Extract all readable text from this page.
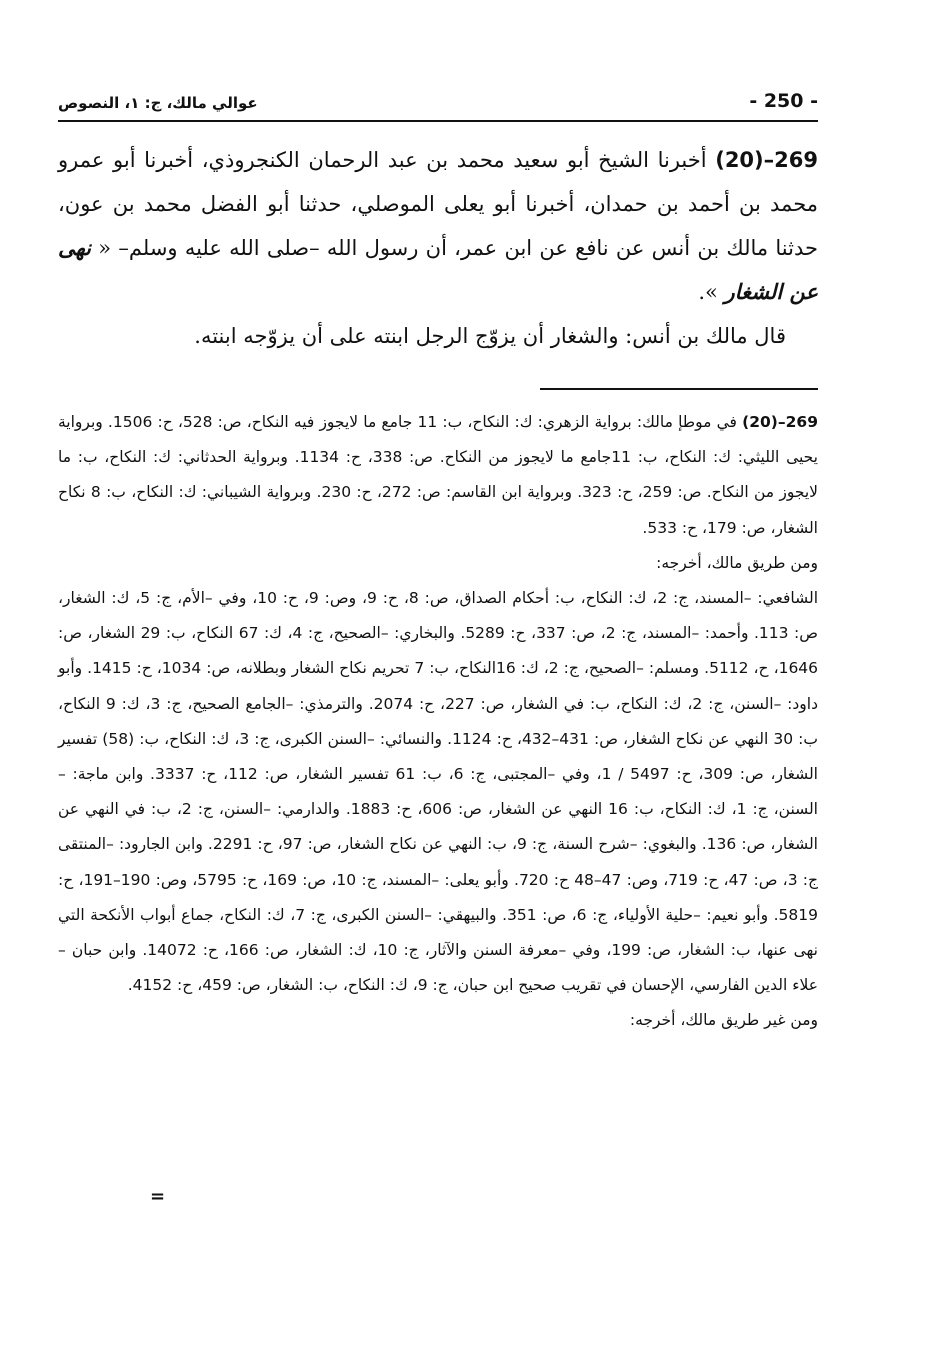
عوالي مالك، ج: ١، النصوص	- 250 -

269–(20) أخبرنا الشيخ أبو سعيد محمد بن عبد الرحمان الكنجروذي، أخبرنا أبو عمرو محمد بن أحمد بن حمدان، أخبرنا أبو يعلى الموصلي، حدثنا أبو الفضل محمد بن عون، حدثنا مالك بن أنس عن نافع عن ابن عمر، أن رسول الله –صلى الله عليه وسلم– « نهى عن الشغار ».

قال مالك بن أنس: والشغار أن يزوّج الرجل ابنته على أن يزوّجه ابنته.

269–(20) في موطإ مالك: برواية الزهري: ك: النكاح، ب: 11 جامع ما لايجوز فيه النكاح، ص: 528، ح: 1506. وبرواية يحيى الليثي: ك: النكاح، ب: 11جامع ما لايجوز من النكاح. ص: 338، ح: 1134. وبرواية الحدثاني: ك: النكاح، ب: ما لايجوز من النكاح. ص: 259، ح: 323. وبرواية ابن القاسم: ص: 272، ح: 230. وبرواية الشيباني: ك: النكاح، ب: 8 نكاح الشغار، ص: 179، ح: 533.

ومن طريق مالك، أخرجه:

الشافعي: –المسند، ج: 2، ك: النكاح، ب: أحكام الصداق، ص: 8، ح: 9، وص: 9، ح: 10، وفي –الأم، ج: 5، ك: الشغار، ص: 113. وأحمد: –المسند، ج: 2، ص: 337، ح: 5289. والبخاري: –الصحيح، ج: 4، ك: 67 النكاح، ب: 29 الشغار، ص: 1646، ح، 5112. ومسلم: –الصحيح، ج: 2، ك: 16النكاح، ب: 7 تحريم نكاح الشغار وبطلانه، ص: 1034، ح: 1415. وأبو داود: –السنن، ج: 2، ك: النكاح، ب: في الشغار، ص: 227، ح: 2074. والترمذي: –الجامع الصحيح، ج: 3، ك: 9 النكاح، ب: 30 النهي عن نكاح الشغار، ص: 431–432، ح: 1124. والنسائي: –السنن الكبرى، ج: 3، ك: النكاح، ب: (58) تفسير الشغار، ص: 309، ح: 5497 / 1، وفي –المجتبى، ج: 6، ب: 61 تفسير الشغار، ص: 112، ح: 3337. وابن ماجة: –السنن، ج: 1، ك: النكاح، ب: 16 النهي عن الشغار، ص: 606، ح: 1883. والدارمي: –السنن، ج: 2، ب: في النهي عن الشغار، ص: 136. والبغوي: –شرح السنة، ج: 9، ب: النهي عن نكاح الشغار، ص: 97، ح: 2291. وابن الجارود: –المنتقى ج: 3، ص: 47، ح: 719، وص: 47–48 ح: 720. وأبو يعلى: –المسند، ج: 10، ص: 169، ح: 5795، وص: 190–191، ح: 5819. وأبو نعيم: –حلية الأولياء، ج: 6، ص: 351. والبيهقي: –السنن الكبرى، ج: 7، ك: النكاح، جماع أبواب الأنكحة التي نهى عنها، ب: الشغار، ص: 199، وفي –معرفة السنن والآثار، ج: 10، ك: الشغار، ص: 166، ح: 14072. وابن حبان –علاء الدين الفارسي، الإحسان في تقريب صحيح ابن حبان، ج: 9، ك: النكاح، ب: الشغار، ص: 459، ح: 4152.

ومن غير طريق مالك، أخرجه:

=
